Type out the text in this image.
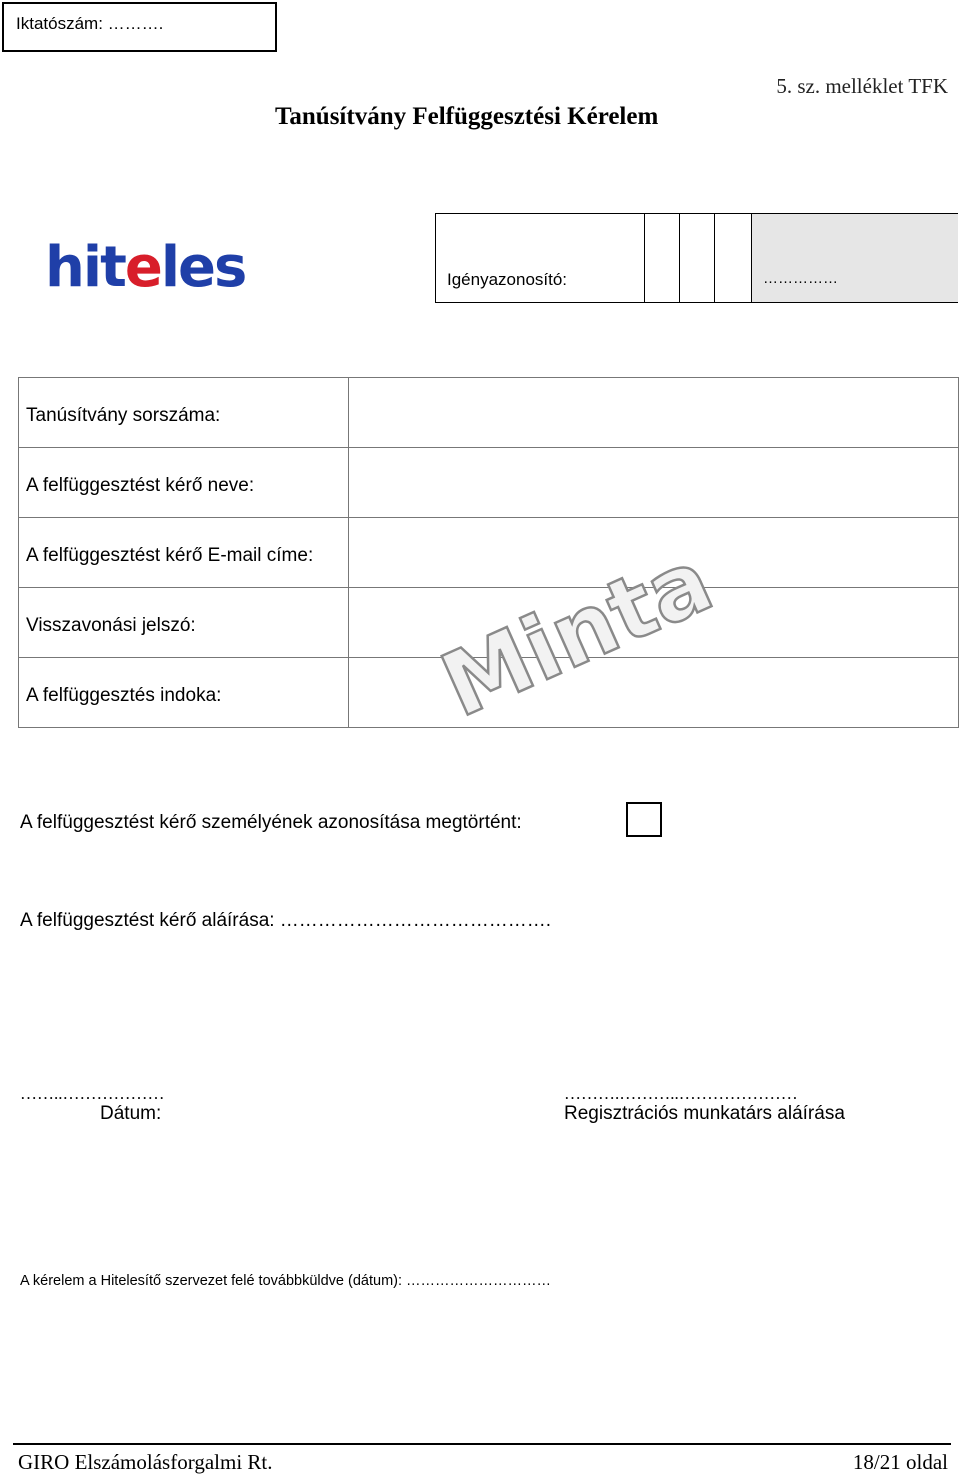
Iktatószám: ……….
5. sz. melléklet TFK
Tanúsítvány Felfüggesztési Kérelem
hiteles	Igényazonosító:	……………
Tanúsítvány sorszáma:	
A felfüggesztést kérő neve:	
A felfüggesztést kérő E-mail címe:	
Visszavonási jelszó:	
A felfüggesztés indoka:	Minta
A felfüggesztést kérő személyének azonosítása megtörtént:
A felfüggesztést kérő aláírása: …………………………………….
……..………………
Dátum:
……….………..…………………
Regisztrációs munkatárs aláírása
A kérelem a Hitelesítő szervezet felé továbbküldve (dátum): …………………………
GIRO Elszámolásforgalmi Rt.	18/21 oldal
